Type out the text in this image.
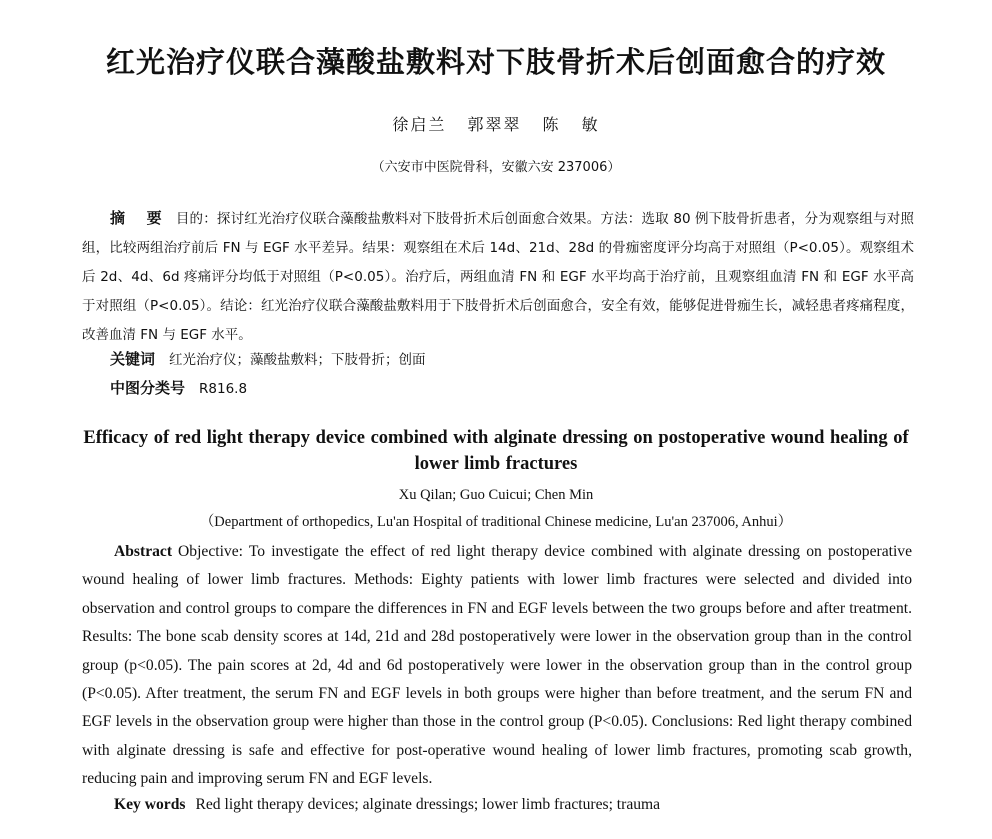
红光治疗仪联合藻酸盐敷料对下肢骨折术后创面愈合的疗效
徐启兰 郭翠翠 陈 敏
（六安市中医院骨科，安徽六安 237006）

摘 要 目的：探讨红光治疗仪联合藻酸盐敷料对下肢骨折术后创面愈合效果。方法：选取 80 例下肢骨折患者，分为观察组与对照组，比较两组治疗前后 FN 与 EGF 水平差异。结果：观察组在术后 14d、21d、28d 的骨痂密度评分均高于对照组（P<0.05）。观察组术后 2d、4d、6d 疼痛评分均低于对照组（P<0.05）。治疗后，两组血清 FN 和 EGF 水平均高于治疗前，且观察组血清 FN 和 EGF 水平高于对照组（P<0.05）。结论：红光治疗仪联合藻酸盐敷料用于下肢骨折术后创面愈合，安全有效，能够促进骨痂生长，减轻患者疼痛程度，改善血清 FN 与 EGF 水平。

关键词 红光治疗仪；藻酸盐敷料；下肢骨折；创面
中图分类号 R816.8
Efficacy of red light therapy device combined with alginate dressing on postoperative wound healing of lower limb fractures
Xu Qilan; Guo Cuicui; Chen Min
（Department of orthopedics, Lu'an Hospital of traditional Chinese medicine, Lu'an 237006, Anhui）

Abstract Objective: To investigate the effect of red light therapy device combined with alginate dressing on postoperative wound healing of lower limb fractures. Methods: Eighty patients with lower limb fractures were selected and divided into observation and control groups to compare the differences in FN and EGF levels between the two groups before and after treatment. Results: The bone scab density scores at 14d, 21d and 28d postoperatively were lower in the observation group than in the control group (p<0.05). The pain scores at 2d, 4d and 6d postoperatively were lower in the observation group than in the control group (P<0.05). After treatment, the serum FN and EGF levels in both groups were higher than before treatment, and the serum FN and EGF levels in the observation group were higher than those in the control group (P<0.05). Conclusions: Red light therapy combined with alginate dressing is safe and effective for post-operative wound healing of lower limb fractures, promoting scab growth, reducing pain and improving serum FN and EGF levels.

Key words Red light therapy devices; alginate dressings; lower limb fractures; trauma
